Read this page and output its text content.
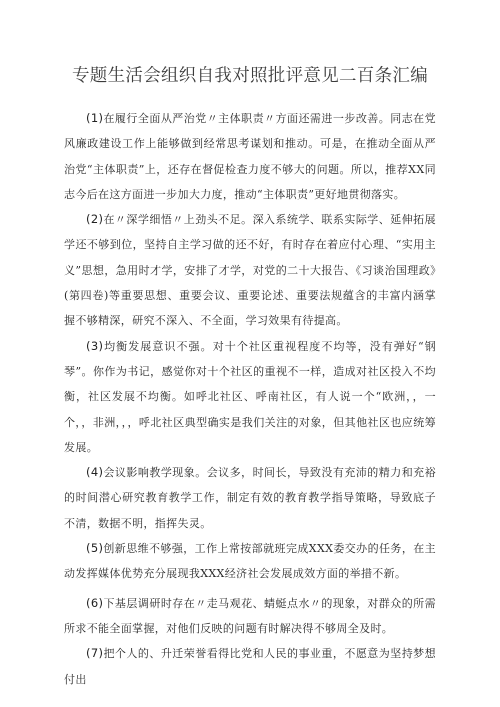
专题生活会组织自我对照批评意见二百条汇编

(1)在履行全面从严治党〃主体职责〃方面还需进一步改善。同志在党风廉政建设工作上能够做到经常思考谋划和推动。可是，在推动全面从严治党“主体职责”上，还存在督促检查力度不够大的问题。所以，推荐XX同志今后在这方面进一步加大力度，推动“主体职责”更好地贯彻落实。

(2)在〃深学细悟〃上劲头不足。深入系统学、联系实际学、延伸拓展学还不够到位，坚持自主学习做的还不好，有时存在着应付心理、“实用主义”思想，急用时才学，安排了才学，对党的二十大报告、《习谈治国理政》(第四卷)等重要思想、重要会议、重要论述、重要法规蕴含的丰富内涵掌握不够精深，研究不深入、不全面，学习效果有待提高。

(3)均衡发展意识不强。对十个社区重视程度不均等，没有弹好“钢琴”。你作为书记，感觉你对十个社区的重视不一样，造成对社区投入不均衡，社区发展不均衡。如呼北社区、呼南社区，有人说一个“欧洲，，一个，，非洲，，，呼北社区典型确实是我们关注的对象，但其他社区也应统筹发展。

(4)会议影响教学现象。会议多，时间长，导致没有充沛的精力和充裕的时间潜心研究教育教学工作，制定有效的教育教学指导策略，导致底子不清，数据不明，指挥失灵。

(5)创新思维不够强，工作上常按部就班完成XXX委交办的任务，在主动发挥媒体优势充分展现我XXX经济社会发展成效方面的举措不新。

(6)下基层调研时存在〃走马观花、蜻蜓点水〃的现象，对群众的所需所求不能全面掌握，对他们反映的问题有时解决得不够周全及时。

(7)把个人的、升迁荣誉看得比党和人民的事业重，不愿意为坚持梦想付出
